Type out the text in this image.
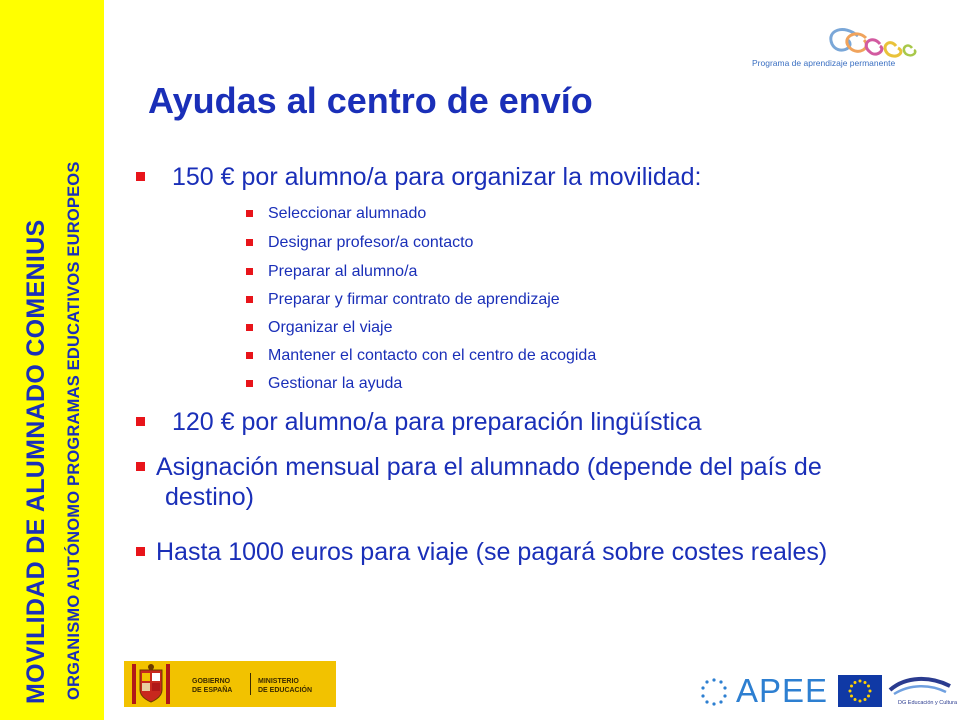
MOVILIDAD DE ALUMNADO COMENIUS ORGANISMO AUTÓNOMO PROGRAMAS EDUCATIVOS EUROPEOS
Programa de aprendizaje permanente
Ayudas al centro de envío
150 € por alumno/a para organizar la movilidad:
Seleccionar alumnado
Designar profesor/a contacto
Preparar al alumno/a
Preparar y firmar contrato de aprendizaje
Organizar el viaje
Mantener el contacto con el centro de acogida
Gestionar la ayuda
120 € por alumno/a para preparación lingüística
Asignación mensual para el alumnado (depende del país de destino)
Hasta 1000 euros para viaje (se pagará sobre costes reales)
GOBIERNO
DE ESPAÑA
MINISTERIO
DE EDUCACIÓN	APEE	DG Educación y Cultura
